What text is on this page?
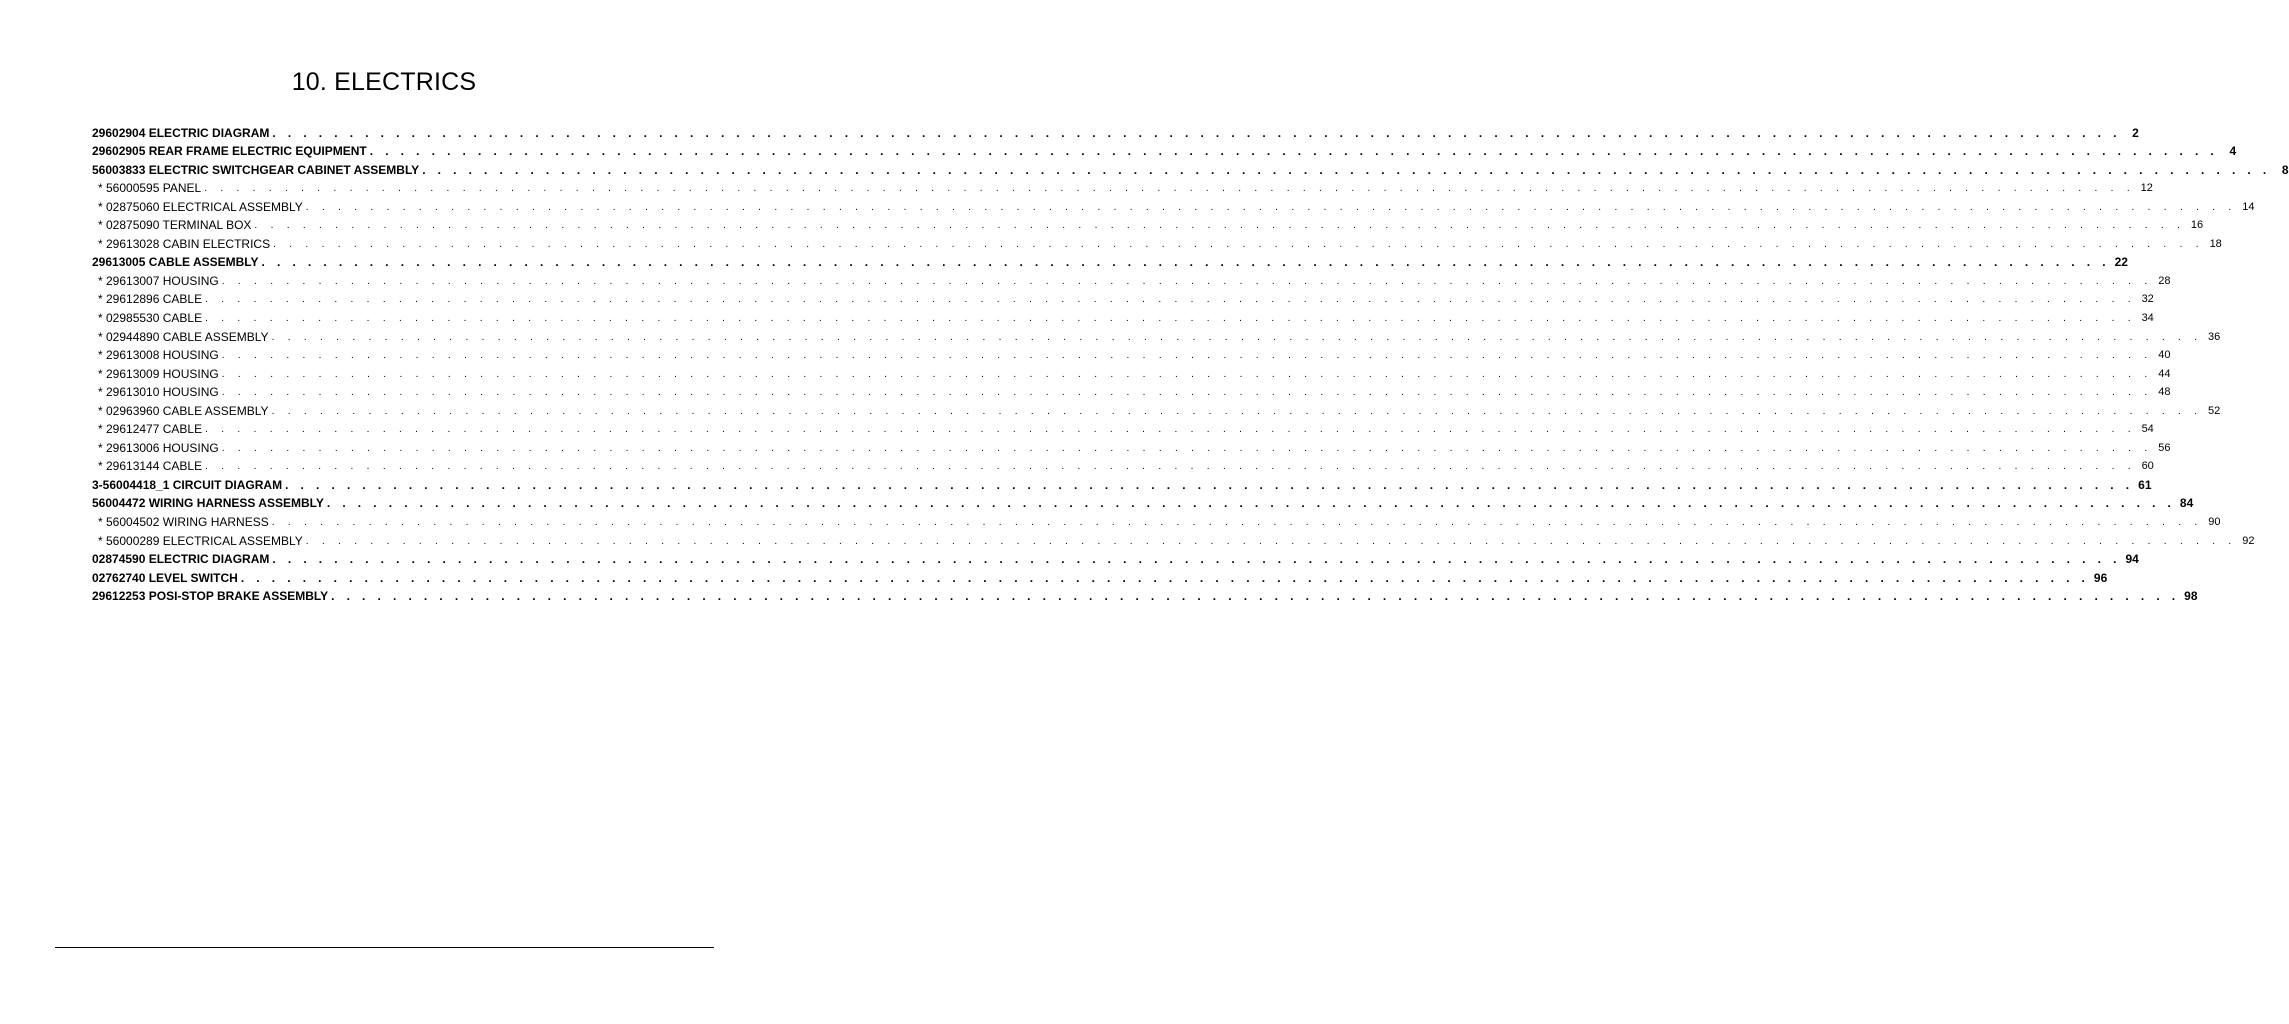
10. ELECTRICS
29602904 ELECTRIC DIAGRAM . . . . . . . . . . . . . . . . . . . . . . . . . . . . . . . . . . . . . . . . . . . . . . . . . . . . . . . . . . . . . . . . . . . . . . . . . . . . . . . . . . . . . . . . . . . . . . . . . . . . . . . . . . . . . . . . . . . . . . . . 2
29602905 REAR FRAME ELECTRIC EQUIPMENT . . . . . . . . . . . . . . . . . . . . . . . . . . . . . . . . . . . . . . . . . . . . . . . . . . . . . . . . . . . . . . . . . . . . . . . . . . . . . . . . . . . . . . . . . . . . . . . . . . . . . . . . . . . . . . . . . . . . . . . . 4
56003833 ELECTRIC SWITCHGEAR CABINET ASSEMBLY . . . . . . . . . . . . . . . . . . . . . . . . . . . . . . . . . . . . . . . . . . . . . . . . . . . . . . . . . . . . . . . . . . . . . . . . . . . . . . . . . . . . . . . . . . . . . . . . . . . . . . . . . . . . . . . . . . . . . . . . 8
* 56000595 PANEL . . . . . . . . . . . . . . . . . . . . . . . . . . . . . . . . . . . . . . . . . . . . . . . . . . . . . . . . . . . . . . . . . . . . . . . . . . . . . . . . . . . . . . . . . . . . . . . . . . . . . . . . . . . . . . . . . . . . . . . . 12
* 02875060 ELECTRICAL ASSEMBLY . . . . . . . . . . . . . . . . . . . . . . . . . . . . . . . . . . . . . . . . . . . . . . . . . . . . . . . . . . . . . . . . . . . . . . . . . . . . . . . . . . . . . . . . . . . . . . . . . . . . . . . . . . . . . . . . . . . . . . . . 14
* 02875090 TERMINAL BOX . . . . . . . . . . . . . . . . . . . . . . . . . . . . . . . . . . . . . . . . . . . . . . . . . . . . . . . . . . . . . . . . . . . . . . . . . . . . . . . . . . . . . . . . . . . . . . . . . . . . . . . . . . . . . . . . . . . . . . . . 16
* 29613028 CABIN ELECTRICS . . . . . . . . . . . . . . . . . . . . . . . . . . . . . . . . . . . . . . . . . . . . . . . . . . . . . . . . . . . . . . . . . . . . . . . . . . . . . . . . . . . . . . . . . . . . . . . . . . . . . . . . . . . . . . . . . . . . . . . . 18
29613005 CABLE ASSEMBLY . . . . . . . . . . . . . . . . . . . . . . . . . . . . . . . . . . . . . . . . . . . . . . . . . . . . . . . . . . . . . . . . . . . . . . . . . . . . . . . . . . . . . . . . . . . . . . . . . . . . . . . . . . . . . . . . . . . . . . . . 22
* 29613007 HOUSING . . . . . . . . . . . . . . . . . . . . . . . . . . . . . . . . . . . . . . . . . . . . . . . . . . . . . . . . . . . . . . . . . . . . . . . . . . . . . . . . . . . . . . . . . . . . . . . . . . . . . . . . . . . . . . . . . . . . . . . . 28
* 29612896 CABLE . . . . . . . . . . . . . . . . . . . . . . . . . . . . . . . . . . . . . . . . . . . . . . . . . . . . . . . . . . . . . . . . . . . . . . . . . . . . . . . . . . . . . . . . . . . . . . . . . . . . . . . . . . . . . . . . . . . . . . . . 32
* 02985530 CABLE . . . . . . . . . . . . . . . . . . . . . . . . . . . . . . . . . . . . . . . . . . . . . . . . . . . . . . . . . . . . . . . . . . . . . . . . . . . . . . . . . . . . . . . . . . . . . . . . . . . . . . . . . . . . . . . . . . . . . . . . 34
* 02944890 CABLE ASSEMBLY . . . . . . . . . . . . . . . . . . . . . . . . . . . . . . . . . . . . . . . . . . . . . . . . . . . . . . . . . . . . . . . . . . . . . . . . . . . . . . . . . . . . . . . . . . . . . . . . . . . . . . . . . . . . . . . . . . . . . . . . 36
* 29613008 HOUSING . . . . . . . . . . . . . . . . . . . . . . . . . . . . . . . . . . . . . . . . . . . . . . . . . . . . . . . . . . . . . . . . . . . . . . . . . . . . . . . . . . . . . . . . . . . . . . . . . . . . . . . . . . . . . . . . . . . . . . . . 40
* 29613009 HOUSING . . . . . . . . . . . . . . . . . . . . . . . . . . . . . . . . . . . . . . . . . . . . . . . . . . . . . . . . . . . . . . . . . . . . . . . . . . . . . . . . . . . . . . . . . . . . . . . . . . . . . . . . . . . . . . . . . . . . . . . . 44
* 29613010 HOUSING . . . . . . . . . . . . . . . . . . . . . . . . . . . . . . . . . . . . . . . . . . . . . . . . . . . . . . . . . . . . . . . . . . . . . . . . . . . . . . . . . . . . . . . . . . . . . . . . . . . . . . . . . . . . . . . . . . . . . . . . 48
* 02963960 CABLE ASSEMBLY . . . . . . . . . . . . . . . . . . . . . . . . . . . . . . . . . . . . . . . . . . . . . . . . . . . . . . . . . . . . . . . . . . . . . . . . . . . . . . . . . . . . . . . . . . . . . . . . . . . . . . . . . . . . . . . . . . . . . . . . 52
* 29612477 CABLE . . . . . . . . . . . . . . . . . . . . . . . . . . . . . . . . . . . . . . . . . . . . . . . . . . . . . . . . . . . . . . . . . . . . . . . . . . . . . . . . . . . . . . . . . . . . . . . . . . . . . . . . . . . . . . . . . . . . . . . . 54
* 29613006 HOUSING . . . . . . . . . . . . . . . . . . . . . . . . . . . . . . . . . . . . . . . . . . . . . . . . . . . . . . . . . . . . . . . . . . . . . . . . . . . . . . . . . . . . . . . . . . . . . . . . . . . . . . . . . . . . . . . . . . . . . . . . 56
* 29613144 CABLE . . . . . . . . . . . . . . . . . . . . . . . . . . . . . . . . . . . . . . . . . . . . . . . . . . . . . . . . . . . . . . . . . . . . . . . . . . . . . . . . . . . . . . . . . . . . . . . . . . . . . . . . . . . . . . . . . . . . . . . . 60
3-56004418_1 CIRCUIT DIAGRAM . . . . . . . . . . . . . . . . . . . . . . . . . . . . . . . . . . . . . . . . . . . . . . . . . . . . . . . . . . . . . . . . . . . . . . . . . . . . . . . . . . . . . . . . . . . . . . . . . . . . . . . . . . . . . . . . . . . . . . . . 61
56004472 WIRING HARNESS ASSEMBLY . . . . . . . . . . . . . . . . . . . . . . . . . . . . . . . . . . . . . . . . . . . . . . . . . . . . . . . . . . . . . . . . . . . . . . . . . . . . . . . . . . . . . . . . . . . . . . . . . . . . . . . . . . . . . . . . . . . . . . . . 84
* 56004502 WIRING HARNESS . . . . . . . . . . . . . . . . . . . . . . . . . . . . . . . . . . . . . . . . . . . . . . . . . . . . . . . . . . . . . . . . . . . . . . . . . . . . . . . . . . . . . . . . . . . . . . . . . . . . . . . . . . . . . . . . . . . . . . . . 90
* 56000289 ELECTRICAL ASSEMBLY . . . . . . . . . . . . . . . . . . . . . . . . . . . . . . . . . . . . . . . . . . . . . . . . . . . . . . . . . . . . . . . . . . . . . . . . . . . . . . . . . . . . . . . . . . . . . . . . . . . . . . . . . . . . . . . . . . . . . . . . 92
02874590 ELECTRIC DIAGRAM . . . . . . . . . . . . . . . . . . . . . . . . . . . . . . . . . . . . . . . . . . . . . . . . . . . . . . . . . . . . . . . . . . . . . . . . . . . . . . . . . . . . . . . . . . . . . . . . . . . . . . . . . . . . . . . . . . . . . . . . 94
02762740 LEVEL SWITCH . . . . . . . . . . . . . . . . . . . . . . . . . . . . . . . . . . . . . . . . . . . . . . . . . . . . . . . . . . . . . . . . . . . . . . . . . . . . . . . . . . . . . . . . . . . . . . . . . . . . . . . . . . . . . . . . . . . . . . . . 96
29612253 POSI-STOP BRAKE ASSEMBLY . . . . . . . . . . . . . . . . . . . . . . . . . . . . . . . . . . . . . . . . . . . . . . . . . . . . . . . . . . . . . . . . . . . . . . . . . . . . . . . . . . . . . . . . . . . . . . . . . . . . . . . . . . . . . . . . . . . . . . . . 98
